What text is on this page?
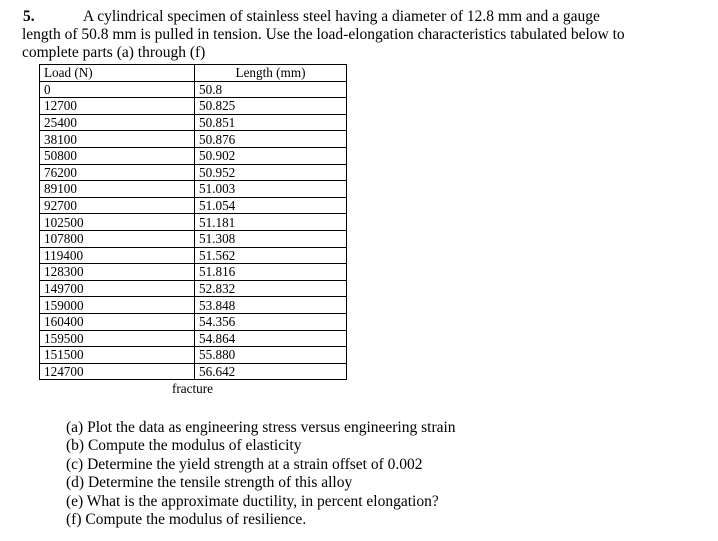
5.	A cylindrical specimen of stainless steel having a diameter of 12.8 mm and a gauge
length of 50.8 mm is pulled in tension. Use the load-elongation characteristics tabulated below to
complete parts (a) through (f)
Load (N)	Length (mm)
0	50.8
12700	50.825
25400	50.851
38100	50.876
50800	50.902
76200	50.952
89100	51.003
92700	51.054
102500	51.181
107800	51.308
119400	51.562
128300	51.816
149700	52.832
159000	53.848
160400	54.356
159500	54.864
151500	55.880
124700	56.642
fracture
(a) Plot the data as engineering stress versus engineering strain
(b) Compute the modulus of elasticity
(c) Determine the yield strength at a strain offset of 0.002
(d) Determine the tensile strength of this alloy
(e) What is the approximate ductility, in percent elongation?
(f) Compute the modulus of resilience.
